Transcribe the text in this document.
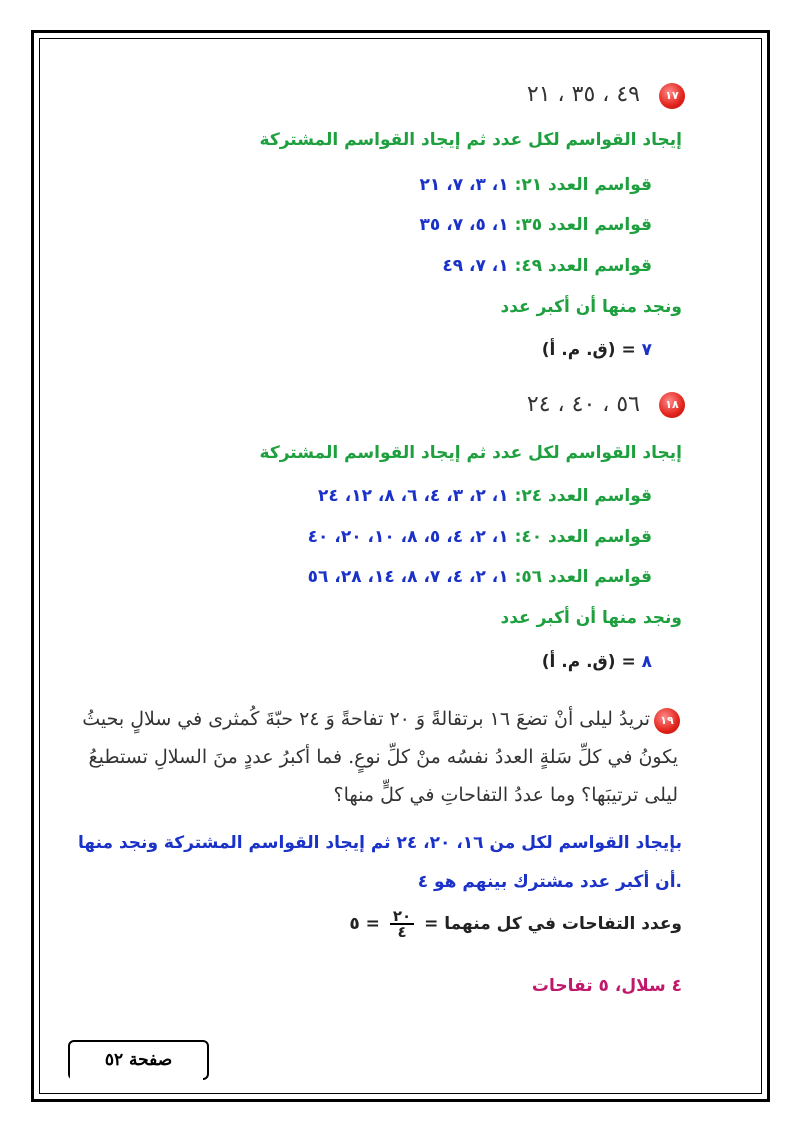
١٧
٤٩ ، ٣٥ ، ٢١
إيجاد القواسم لكل عدد ثم إيجاد القواسم المشتركة
قواسم العدد ٢١: ١، ٣، ٧، ٢١
قواسم العدد ٣٥: ١، ٥، ٧، ٣٥
قواسم العدد ٤٩: ١، ٧، ٤٩
ونجد منها أن أكبر عدد
(ق. م. أ) = ٧
١٨
٥٦ ، ٤٠ ، ٢٤
إيجاد القواسم لكل عدد ثم إيجاد القواسم المشتركة
قواسم العدد ٢٤: ١، ٢، ٣، ٤، ٦، ٨، ١٢، ٢٤
قواسم العدد ٤٠: ١، ٢، ٤، ٥، ٨، ١٠، ٢٠، ٤٠
قواسم العدد ٥٦: ١، ٢، ٤، ٧، ٨، ١٤، ٢٨، ٥٦
ونجد منها أن أكبر عدد
(ق. م. أ) = ٨
١٩
تريدُ ليلى أنْ تضعَ ١٦ برتقالةً وَ ٢٠ تفاحةً وَ ٢٤ حبّةَ كُمثرى في سلالٍ بحيثُ
يكونُ في كلِّ سَلةٍ العددُ نفسُه منْ كلِّ نوعٍ. فما أكبرُ عددٍ منَ السلالِ تستطيعُ
ليلى ترتيبَها؟ وما عددُ التفاحاتِ في كلٍّ منها؟
بإيجاد القواسم لكل من ١٦، ٢٠، ٢٤ ثم إيجاد القواسم المشتركة ونجد منها
أن أكبر عدد مشترك بينهم هو ٤.
وعدد التفاحات في كل منهما =
$\frac{٢٠}{٤}$
= ٥
٤ سلال، ٥ تفاحات
صفحة ٥٢
